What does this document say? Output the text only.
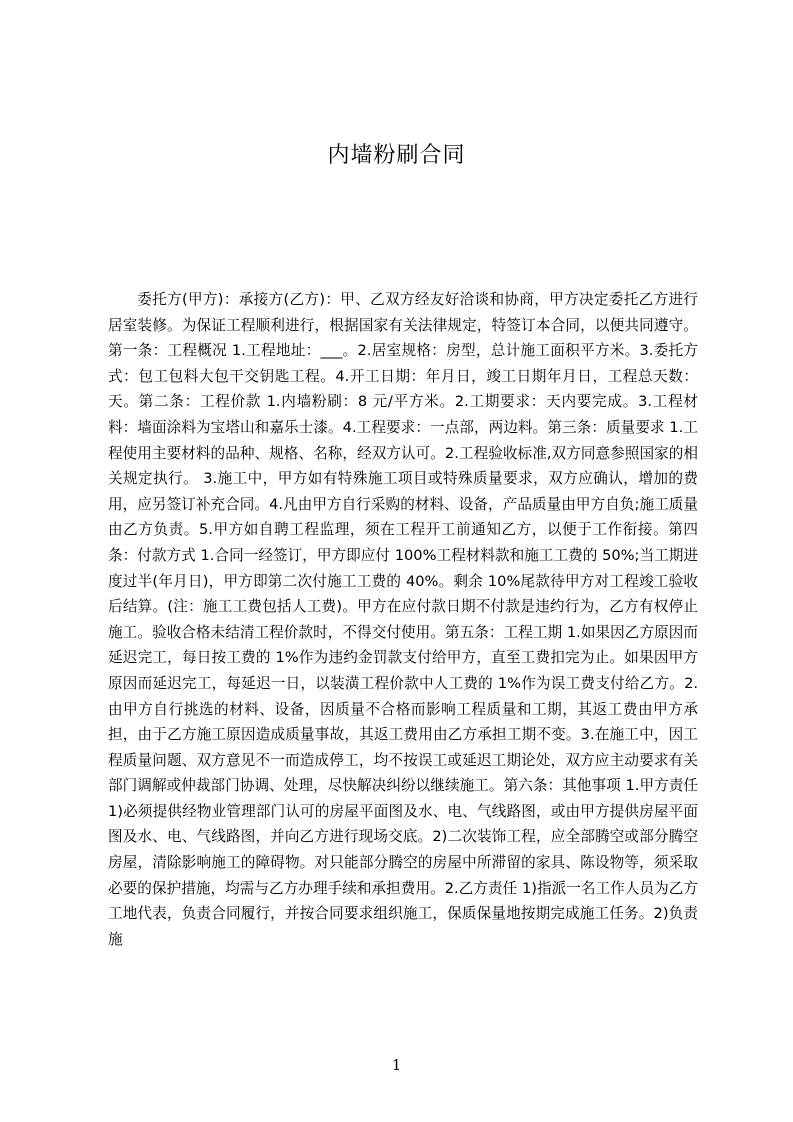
内墙粉刷合同

委托方(甲方)：承接方(乙方)：甲、乙双方经友好洽谈和协商，甲方决定委托乙方进行居室装修。为保证工程顺利进行，根据国家有关法律规定，特签订本合同，以便共同遵守。第一条：工程概况 1.工程地址：___。2.居室规格：房型，总计施工面积平方米。3.委托方式：包工包料大包干交钥匙工程。4.开工日期：年月日，竣工日期年月日，工程总天数：天。第二条：工程价款 1.内墙粉刷：8 元/平方米。2.工期要求：天内要完成。3.工程材料：墙面涂料为宝塔山和嘉乐士漆。4.工程要求：一点部，两边料。第三条：质量要求 1.工程使用主要材料的品种、规格、名称，经双方认可。2.工程验收标准,双方同意参照国家的相关规定执行。 3.施工中，甲方如有特殊施工项目或特殊质量要求，双方应确认，增加的费用，应另签订补充合同。4.凡由甲方自行采购的材料、设备，产品质量由甲方自负;施工质量由乙方负责。5.甲方如自聘工程监理，须在工程开工前通知乙方，以便于工作衔接。第四条：付款方式 1.合同一经签订，甲方即应付 100%工程材料款和施工工费的 50%;当工期进度过半(年月日)，甲方即第二次付施工工费的 40%。剩余 10%尾款待甲方对工程竣工验收后结算。(注：施工工费包括人工费)。甲方在应付款日期不付款是违约行为，乙方有权停止施工。验收合格未结清工程价款时，不得交付使用。第五条：工程工期 1.如果因乙方原因而延迟完工，每日按工费的 1%作为违约金罚款支付给甲方，直至工费扣完为止。如果因甲方原因而延迟完工，每延迟一日，以装潢工程价款中人工费的 1%作为误工费支付给乙方。2.由甲方自行挑选的材料、设备，因质量不合格而影响工程质量和工期，其返工费由甲方承担，由于乙方施工原因造成质量事故，其返工费用由乙方承担工期不变。3.在施工中，因工程质量问题、双方意见不一而造成停工，均不按误工或延迟工期论处，双方应主动要求有关部门调解或仲裁部门协调、处理，尽快解决纠纷以继续施工。第六条：其他事项 1.甲方责任 1)必须提供经物业管理部门认可的房屋平面图及水、电、气线路图，或由甲方提供房屋平面图及水、电、气线路图，并向乙方进行现场交底。2)二次装饰工程，应全部腾空或部分腾空房屋，清除影响施工的障碍物。对只能部分腾空的房屋中所滞留的家具、陈设物等，须采取必要的保护措施，均需与乙方办理手续和承担费用。2.乙方责任 1)指派一名工作人员为乙方工地代表，负责合同履行，并按合同要求组织施工，保质保量地按期完成施工任务。2)负责施

1
